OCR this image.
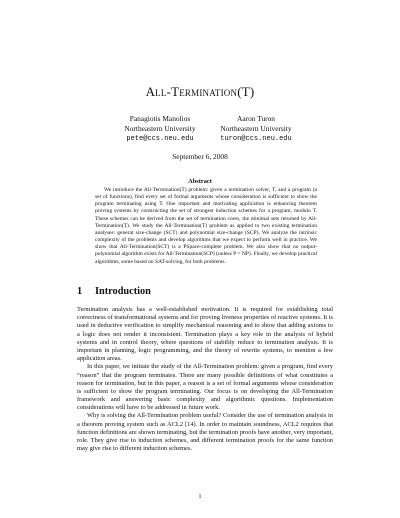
All-Termination(T)
Panagiotis Manolios
Northeastern University
pete@ccs.neu.edu
Aaron Turon
Northeastern University
turon@ccs.neu.edu
September 6, 2008
Abstract
We introduce the All-Termination(T) problem: given a termination solver, T, and a program (a set of functions), find every set of formal arguments whose consideration is sufficient to show the program terminating using T. One important and motivating application is enhancing theorem proving systems by constructing the set of strongest induction schemes for a program, modulo T. These schemes can be derived from the set of termination cores, the minimal sets returned by All-Termination(T). We study the All-Termination(T) problem as applied to two existing termination analyses: general size-change (SCT) and polynomial size-change (SCP). We analyze the intrinsic complexity of the problems and develop algorithms that we expect to perform well in practice. We show that All-Termination(SCT) is a PSpace-complete problem. We also show that no output-polynomial algorithm exists for All-Termination(SCP) (unless P = NP). Finally, we develop practical algorithms, some based on SAT-solving, for both problems.
1 Introduction

Termination analysis has a well-established motivation. It is required for establishing total correctness of transformational systems and for proving liveness properties of reactive systems. It is used in deductive verification to simplify mechanical reasoning and to show that adding axioms to a logic does not render it inconsistent. Termination plays a key role in the analysis of hybrid systems and in control theory, where questions of stability reduce to termination analysis. It is important in planning, logic programming, and the theory of rewrite systems, to mention a few application areas.

In this paper, we initiate the study of the All-Termination problem: given a program, find every “reason” that the program terminates. There are many possible definitions of what constitutes a reason for termination, but in this paper, a reason is a set of formal arguments whose consideration is sufficient to show the program terminating. Our focus is on developing the All-Termination framework and answering basic complexity and algorithmic questions. Implementation considerations will have to be addressed in future work.

Why is solving the All-Termination problem useful? Consider the use of termination analysis in a theorem proving system such as ACL2 [14]. In order to maintain soundness, ACL2 requires that function definitions are shown terminating, but the termination proofs have another, very important, role. They give rise to induction schemes, and different termination proofs for the same function may give rise to different induction schemes.

1
